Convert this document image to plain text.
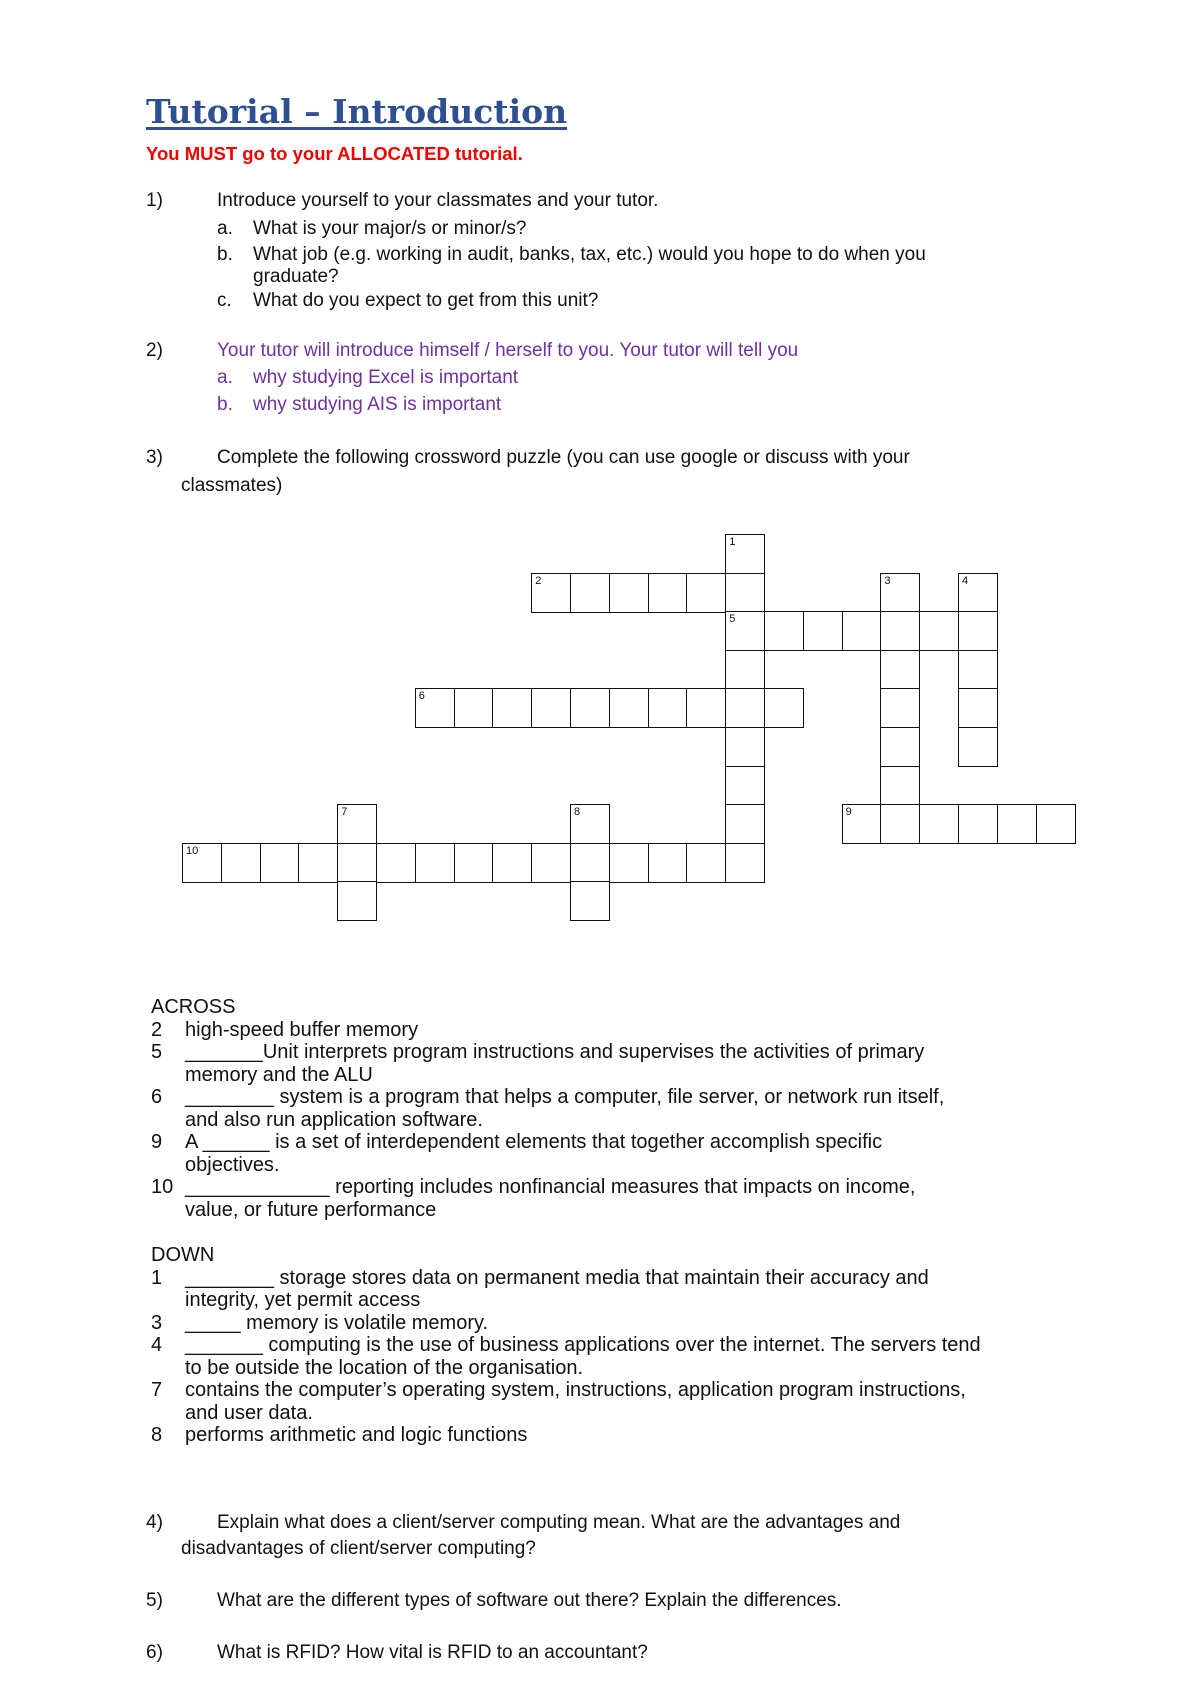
Tutorial – Introduction
You MUST go to your ALLOCATED tutorial.
1)	Introduce yourself to your classmates and your tutor.
a. What is your major/s or minor/s?
b. What job (e.g. working in audit, banks, tax, etc.) would you hope to do when you
graduate?
c. What do you expect to get from this unit?
2)	Your tutor will introduce himself / herself to you. Your tutor will tell you
a. why studying Excel is important
b. why studying AIS is important
3)	Complete the following crossword puzzle (you can use google or discuss with your
classmates)
1
2	3	4
5
6
7	8	9
10
ACROSS
2 high-speed buffer memory
5 _______Unit interprets program instructions and supervises the activities of primary
memory and the ALU
6 ________ system is a program that helps a computer, file server, or network run itself,
and also run application software.
9 A ______ is a set of interdependent elements that together accomplish specific
objectives.
10 _____________ reporting includes nonfinancial measures that impacts on income,
value, or future performance
DOWN
1 ________ storage stores data on permanent media that maintain their accuracy and
integrity, yet permit access
3 _____ memory is volatile memory.
4 _______ computing is the use of business applications over the internet. The servers tend
to be outside the location of the organisation.
7 contains the computer’s operating system, instructions, application program instructions,
and user data.
8 performs arithmetic and logic functions
4)	Explain what does a client/server computing mean. What are the advantages and
disadvantages of client/server computing?
5)	What are the different types of software out there? Explain the differences.
6)	What is RFID? How vital is RFID to an accountant?
